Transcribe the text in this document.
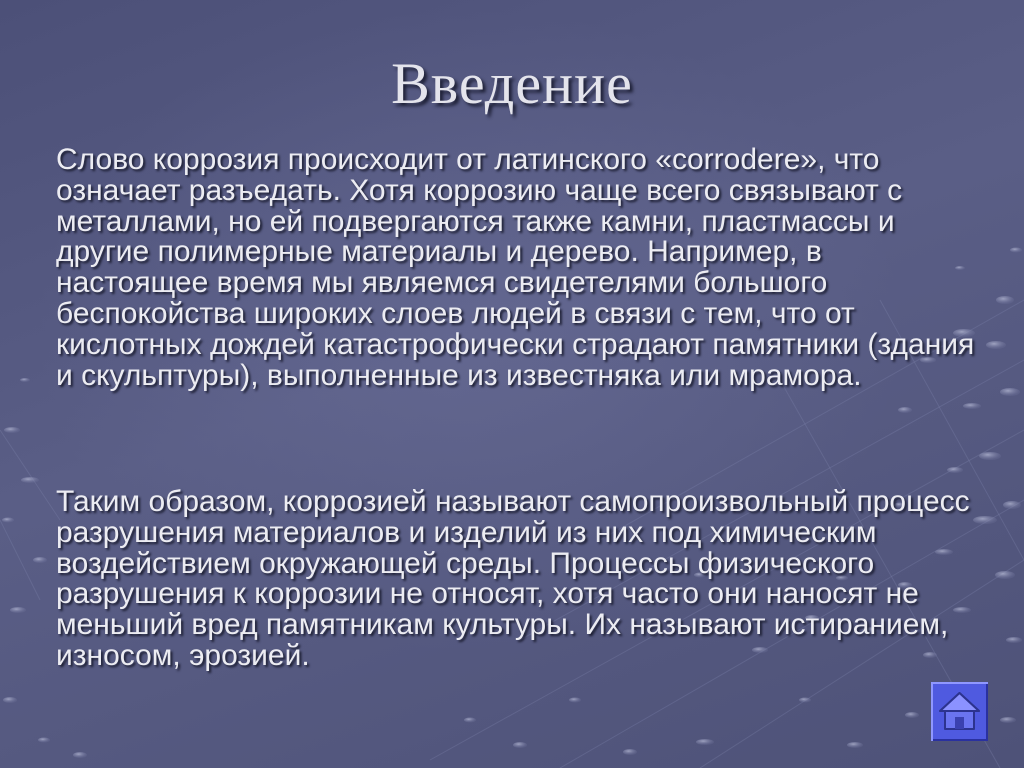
Введение

Слово коррозия происходит от латинского «corrodere», что означает разъедать. Хотя коррозию чаще всего связывают с металлами, но ей подвергаются также камни, пластмассы и другие полимерные материалы и дерево. Например, в настоящее время мы являемся свидетелями большого беспокойства широких слоев людей в связи с тем, что от кислотных дождей катастрофически страдают памятники (здания и скульптуры), выполненные из известняка или мрамора.

Таким образом, коррозией называют самопроизвольный процесс разрушения материалов и изделий из них под химическим воздействием окружающей среды. Процессы физического разрушения к коррозии не относят, хотя часто они наносят не меньший вред памятникам культуры. Их называют истиранием, износом, эрозией.
